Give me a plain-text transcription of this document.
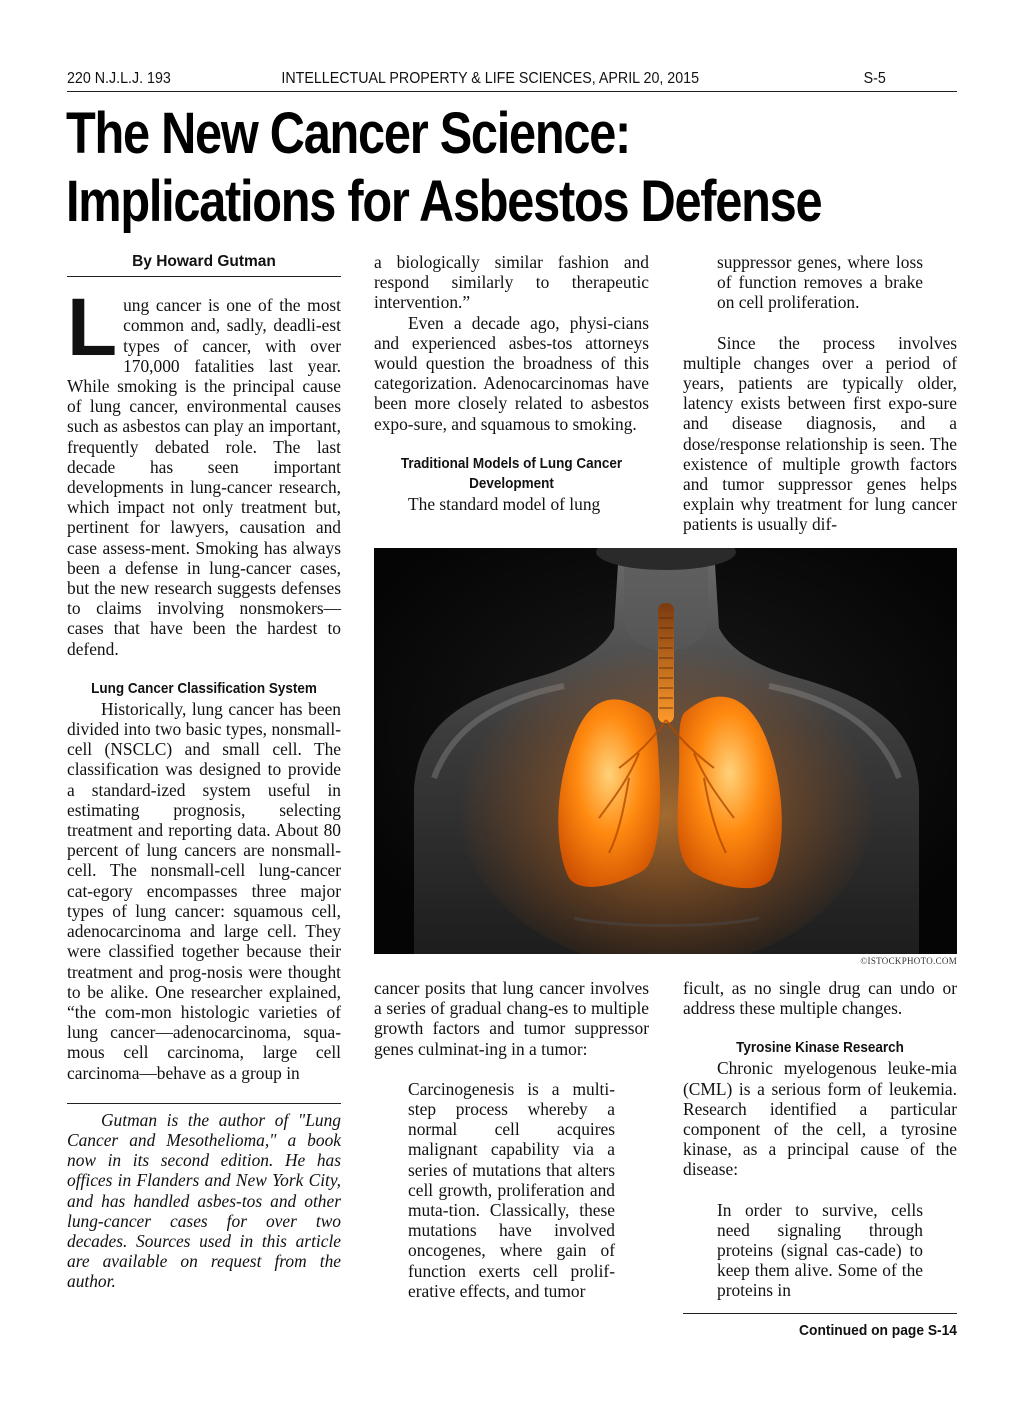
220 N.J.L.J. 193	INTELLECTUAL PROPERTY & LIFE SCIENCES, APRIL 20, 2015	S-5
The New Cancer Science:
Implications for Asbestos Defense
By Howard Gutman

Lung cancer is one of the most common and, sadly, deadli-est types of cancer, with over 170,000 fatalities last year. While smoking is the principal cause of lung cancer, environmental causes such as asbestos can play an important, frequently debated role. The last decade has seen important developments in lung-cancer research, which impact not only treatment but, pertinent for lawyers, causation and case assess-ment. Smoking has always been a defense in lung-cancer cases, but the new research suggests defenses to claims involving nonsmokers—cases that have been the hardest to defend.

Lung Cancer Classification System

Historically, lung cancer has been divided into two basic types, nonsmall-cell (NSCLC) and small cell. The classification was designed to provide a standard-ized system useful in estimating prognosis, selecting treatment and reporting data. About 80 percent of lung cancers are nonsmall-cell. The nonsmall-cell lung-cancer cat-egory encompasses three major types of lung cancer: squamous cell, adenocarcinoma and large cell. They were classified together because their treatment and prog-nosis were thought to be alike. One researcher explained, “the com-mon histologic varieties of lung cancer—adenocarcinoma, squa-mous cell carcinoma, large cell carcinoma—behave as a group in

Gutman is the author of "Lung Cancer and Mesothelioma," a book now in its second edition. He has offices in Flanders and New York City, and has handled asbes-tos and other lung-cancer cases for over two decades. Sources used in this article are available on request from the author.

a biologically similar fashion and respond similarly to therapeutic intervention.”

Even a decade ago, physi-cians and experienced asbes-tos attorneys would question the broadness of this categorization. Adenocarcinomas have been more closely related to asbestos expo-sure, and squamous to smoking.

Traditional Models of Lung Cancer Development

The standard model of lung

suppressor genes, where loss of function removes a brake on cell proliferation.

Since the process involves multiple changes over a period of years, patients are typically older, latency exists between first expo-sure and disease diagnosis, and a dose/response relationship is seen. The existence of multiple growth factors and tumor suppressor genes helps explain why treatment for lung cancer patients is usually dif-

©ISTOCKPHOTO.COM

cancer posits that lung cancer involves a series of gradual chang-es to multiple growth factors and tumor suppressor genes culminat-ing in a tumor:

Carcinogenesis is a multi-step process whereby a normal cell acquires malignant capability via a series of mutations that alters cell growth, proliferation and muta-tion. Classically, these mutations have involved oncogenes, where gain of function exerts cell prolif-erative effects, and tumor

ficult, as no single drug can undo or address these multiple changes.

Tyrosine Kinase Research

Chronic myelogenous leuke-mia (CML) is a serious form of leukemia. Research identified a particular component of the cell, a tyrosine kinase, as a principal cause of the disease:

In order to survive, cells need signaling through proteins (signal cas-cade) to keep them alive. Some of the proteins in

Continued on page S-14
